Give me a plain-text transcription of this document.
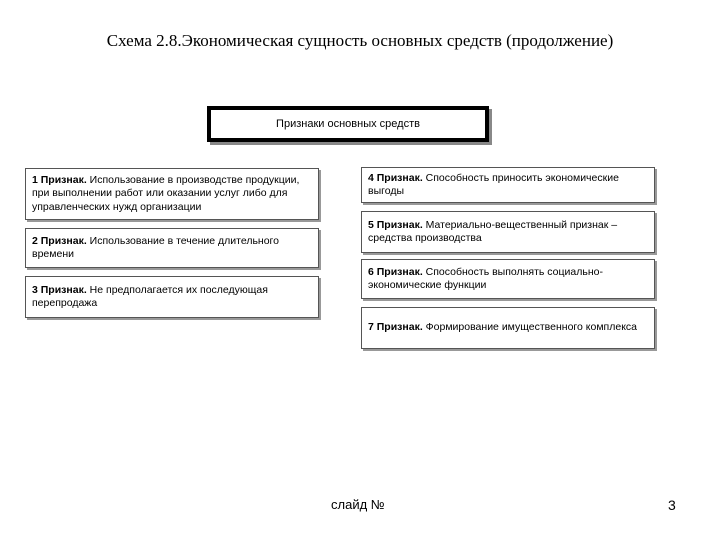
Схема 2.8.Экономическая сущность основных средств (продолжение)
Признаки основных средств
1 Признак. Использование в производстве продукции, при выполнении работ или оказании услуг либо для управленческих нужд организации
2 Признак. Использование в течение длительного времени
3 Признак. Не предполагается их последующая перепродажа
4 Признак. Способность приносить экономические выгоды
5 Признак. Материально-вещественный признак – средства производства
6 Признак. Способность выполнять социально-экономические функции
7 Признак. Формирование имущественного комплекса
слайд №	3
